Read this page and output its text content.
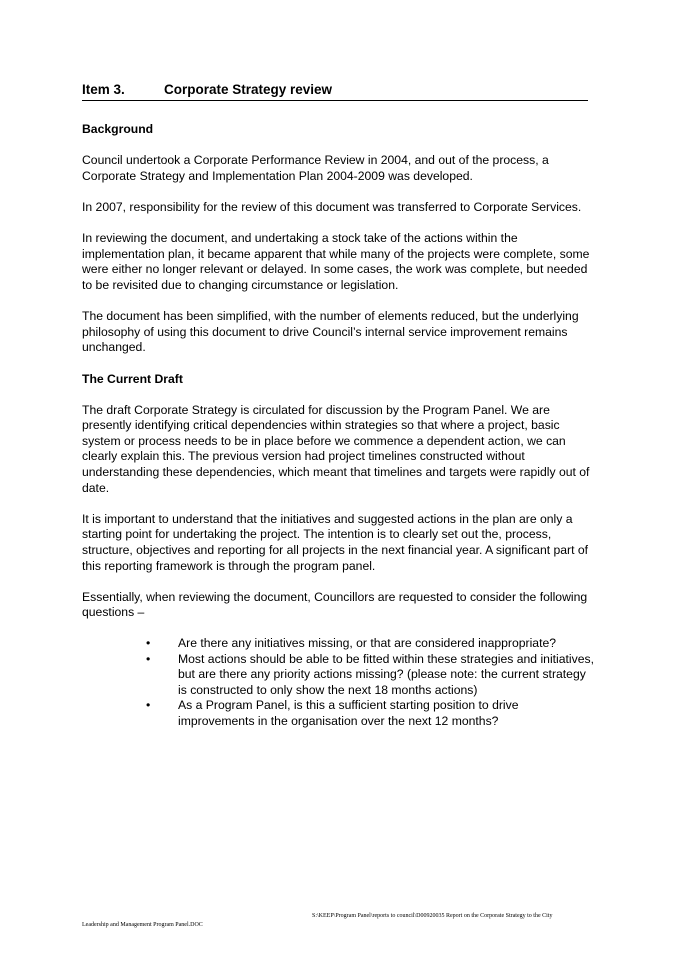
Item 3.	Corporate Strategy review
Background

Council undertook a Corporate Performance Review in 2004, and out of the process, a Corporate Strategy and Implementation Plan 2004-2009 was developed.

In 2007, responsibility for the review of this document was transferred to Corporate Services.

In reviewing the document, and undertaking a stock take of the actions within the implementation plan, it became apparent that while many of the projects were complete, some were either no longer relevant or delayed. In some cases, the work was complete, but needed to be revisited due to changing circumstance or legislation.

The document has been simplified, with the number of elements reduced, but the underlying philosophy of using this document to drive Council’s internal service improvement remains unchanged.

The Current Draft

The draft Corporate Strategy is circulated for discussion by the Program Panel. We are presently identifying critical dependencies within strategies so that where a project, basic system or process needs to be in place before we commence a dependent action, we can clearly explain this. The previous version had project timelines constructed without understanding these dependencies, which meant that timelines and targets were rapidly out of date.

It is important to understand that the initiatives and suggested actions in the plan are only a starting point for undertaking the project. The intention is to clearly set out the, process, structure, objectives and reporting for all projects in the next financial year. A significant part of this reporting framework is through the program panel.

Essentially, when reviewing the document, Councillors are requested to consider the following questions –

• Are there any initiatives missing, or that are considered inappropriate?
• Most actions should be able to be fitted within these strategies and initiatives, but are there any priority actions missing? (please note: the current strategy is constructed to only show the next 18 months actions)
• As a Program Panel, is this a sufficient starting position to drive improvements in the organisation over the next 12 months?
S:\KEEP\Program Panel\reports to council\D00920035 Report on the Corporate Strategy to the City
Leadership and Management Program Panel.DOC
